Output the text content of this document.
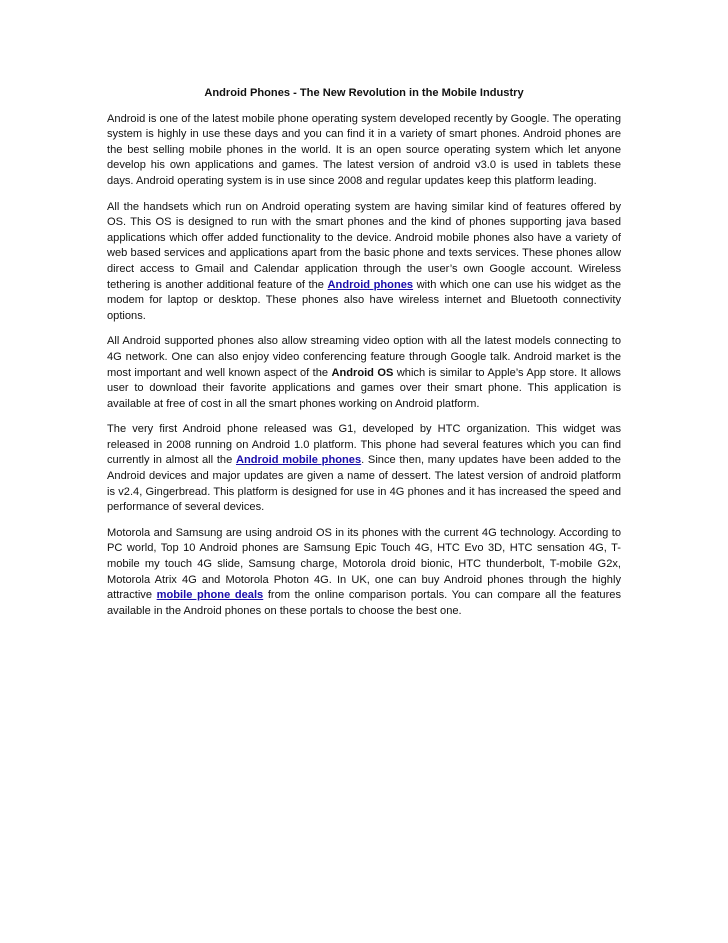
Android Phones - The New Revolution in the Mobile Industry

Android is one of the latest mobile phone operating system developed recently by Google. The operating system is highly in use these days and you can find it in a variety of smart phones. Android phones are the best selling mobile phones in the world. It is an open source operating system which let anyone develop his own applications and games. The latest version of android v3.0 is used in tablets these days. Android operating system is in use since 2008 and regular updates keep this platform leading.

All the handsets which run on Android operating system are having similar kind of features offered by OS. This OS is designed to run with the smart phones and the kind of phones supporting java based applications which offer added functionality to the device. Android mobile phones also have a variety of web based services and applications apart from the basic phone and texts services. These phones allow direct access to Gmail and Calendar application through the user’s own Google account. Wireless tethering is another additional feature of the Android phones with which one can use his widget as the modem for laptop or desktop. These phones also have wireless internet and Bluetooth connectivity options.

All Android supported phones also allow streaming video option with all the latest models connecting to 4G network. One can also enjoy video conferencing feature through Google talk. Android market is the most important and well known aspect of the Android OS which is similar to Apple’s App store. It allows user to download their favorite applications and games over their smart phone. This application is available at free of cost in all the smart phones working on Android platform.

The very first Android phone released was G1, developed by HTC organization. This widget was released in 2008 running on Android 1.0 platform. This phone had several features which you can find currently in almost all the Android mobile phones. Since then, many updates have been added to the Android devices and major updates are given a name of dessert. The latest version of android platform is v2.4, Gingerbread. This platform is designed for use in 4G phones and it has increased the speed and performance of several devices.

Motorola and Samsung are using android OS in its phones with the current 4G technology. According to PC world, Top 10 Android phones are Samsung Epic Touch 4G, HTC Evo 3D, HTC sensation 4G, T-mobile my touch 4G slide, Samsung charge, Motorola droid bionic, HTC thunderbolt, T-mobile G2x, Motorola Atrix 4G and Motorola Photon 4G. In UK, one can buy Android phones through the highly attractive mobile phone deals from the online comparison portals. You can compare all the features available in the Android phones on these portals to choose the best one.
